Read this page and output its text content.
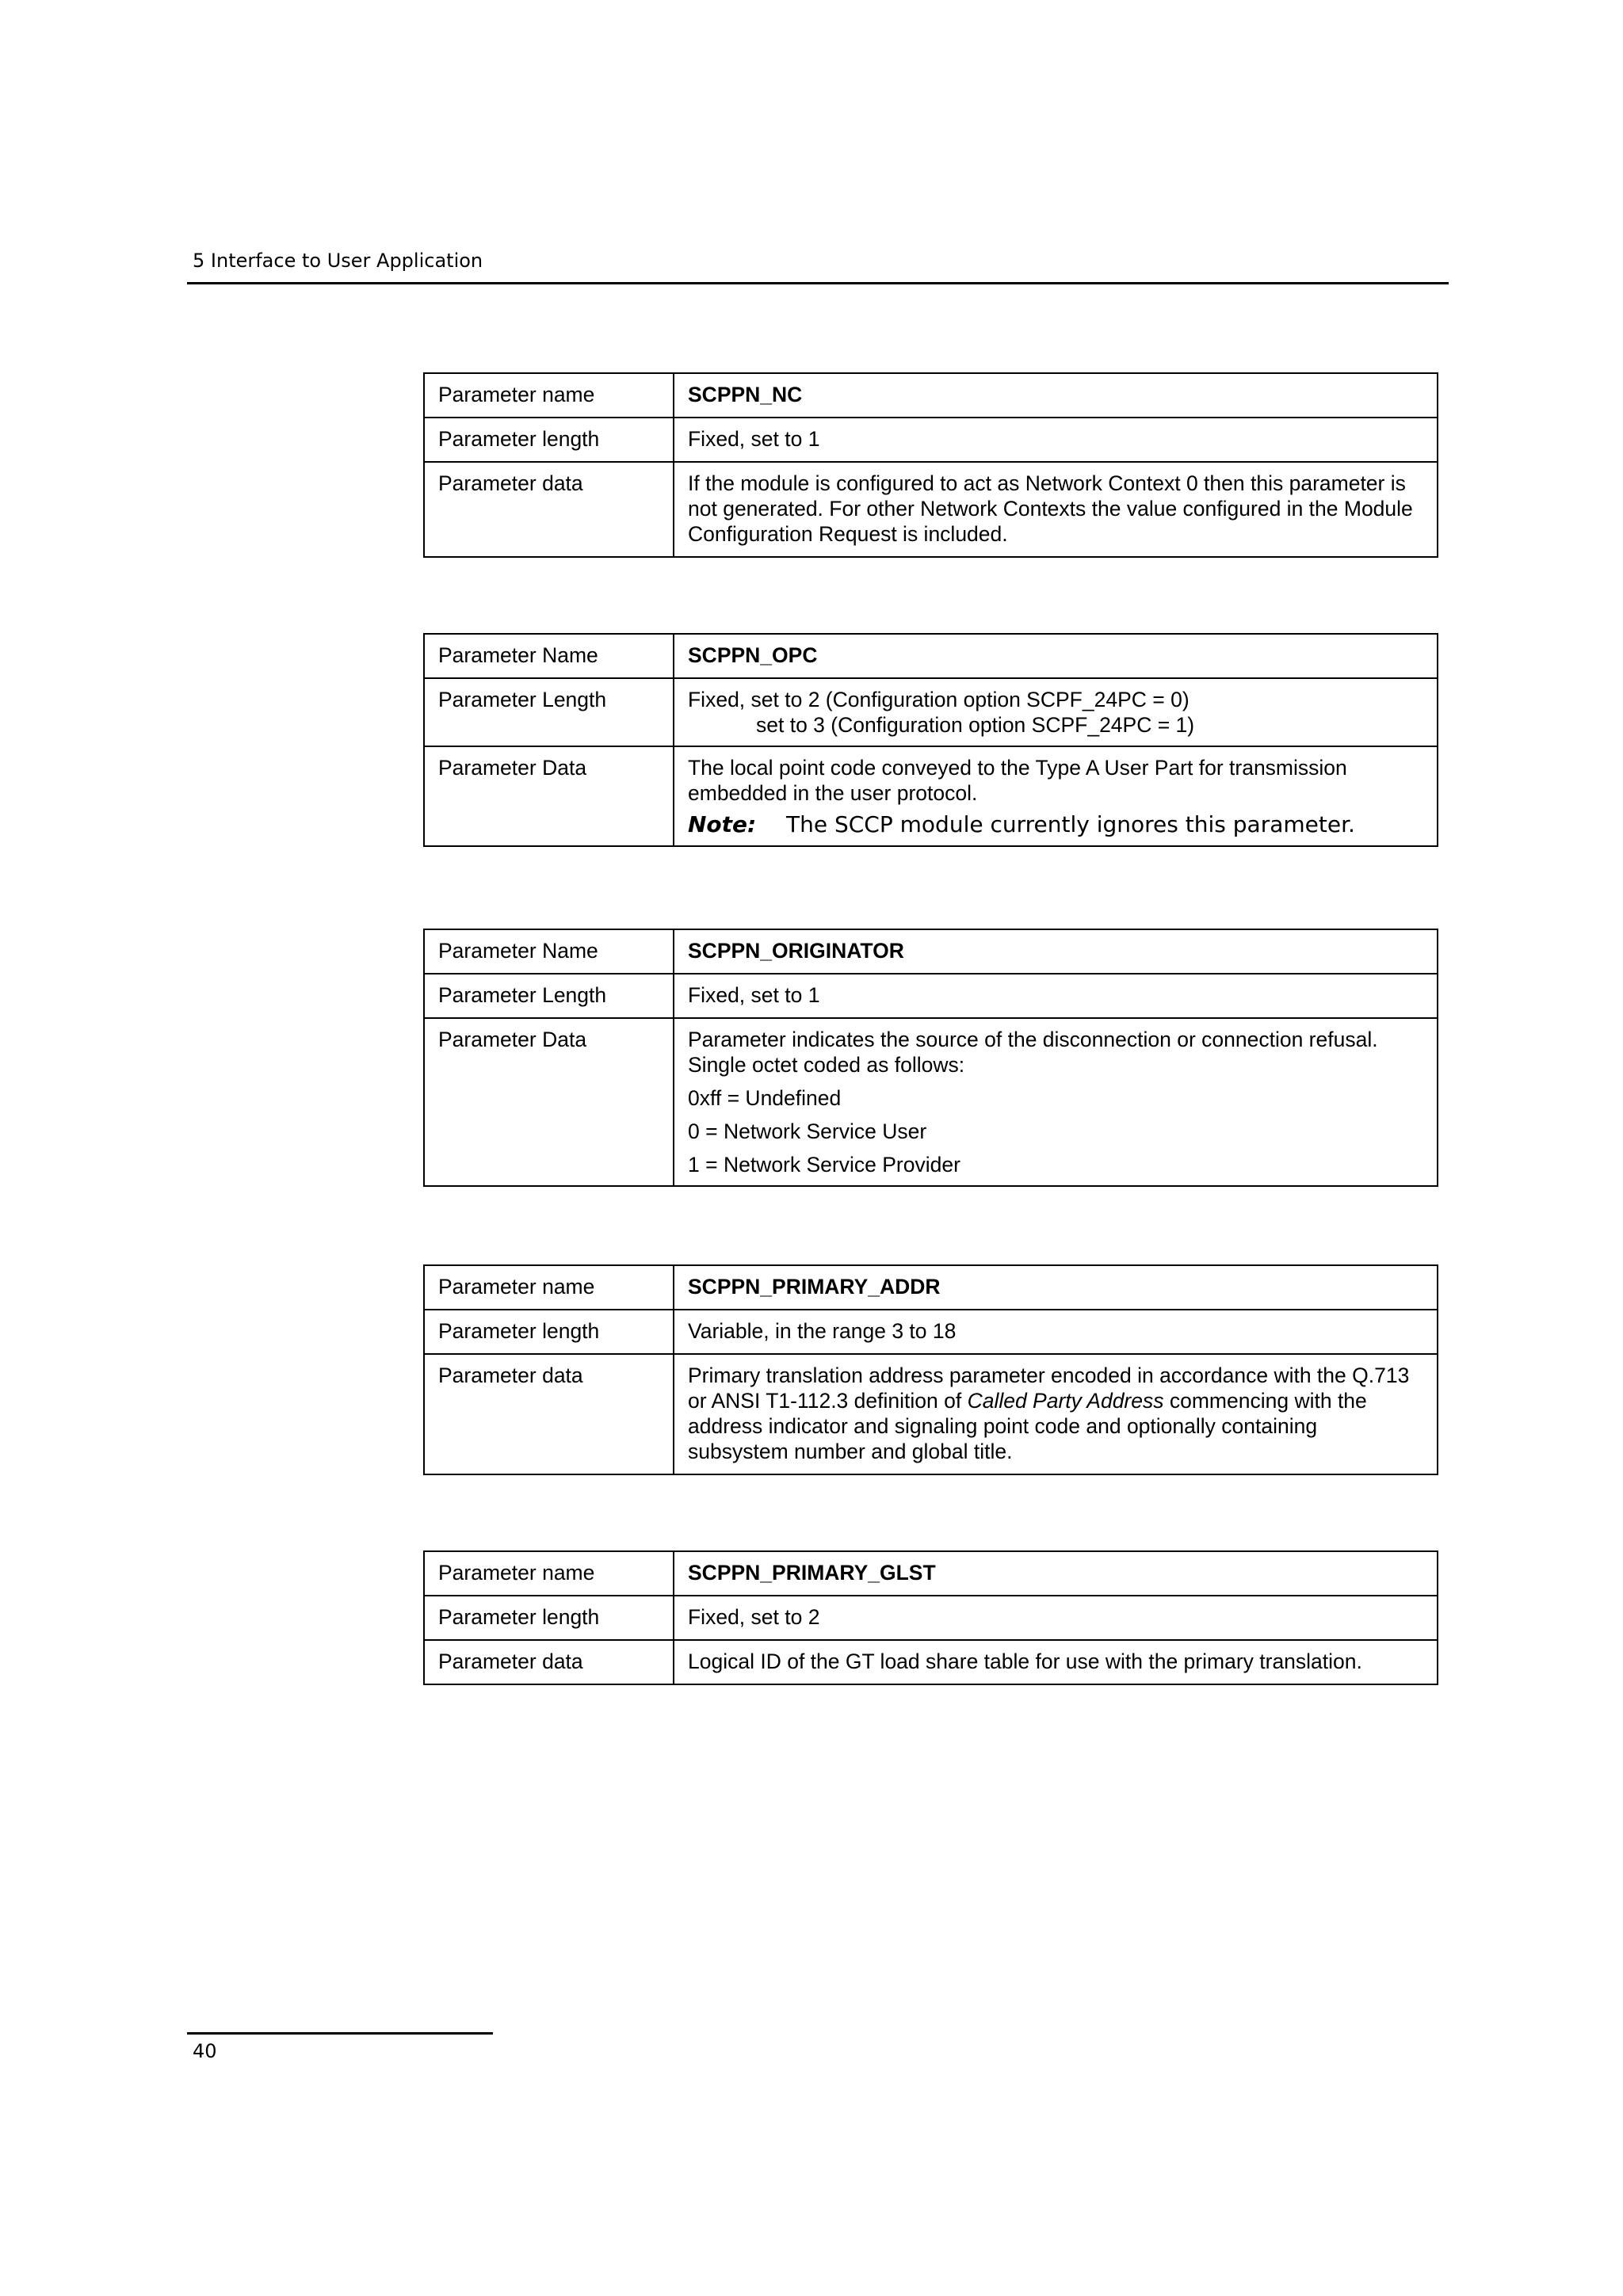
5 Interface to User Application
Parameter name	SCPPN_NC
Parameter length	Fixed, set to 1
Parameter data	If the module is configured to act as Network Context 0 then this parameter is not generated. For other Network Contexts the value configured in the Module Configuration Request is included.

Parameter Name	SCPPN_OPC
Parameter Length	Fixed, set to 2 (Configuration option SCPF_24PC = 0)
set to 3 (Configuration option SCPF_24PC = 1)

Parameter Data	The local point code conveyed to the Type A User Part for transmission embedded in the user protocol.

Note: The SCCP module currently ignores this parameter.
Parameter Name	SCPPN_ORIGINATOR
Parameter Length	Fixed, set to 1
Parameter Data	Parameter indicates the source of the disconnection or connection refusal. Single octet coded as follows:

0xff = Undefined

0 = Network Service User

1 = Network Service Provider

Parameter name	SCPPN_PRIMARY_ADDR
Parameter length	Variable, in the range 3 to 18
Parameter data	Primary translation address parameter encoded in accordance with the Q.713 or ANSI T1-112.3 definition of Called Party Address commencing with the address indicator and signaling point code and optionally containing subsystem number and global title.

Parameter name	SCPPN_PRIMARY_GLST
Parameter length	Fixed, set to 2
Parameter data	Logical ID of the GT load share table for use with the primary translation.
40
